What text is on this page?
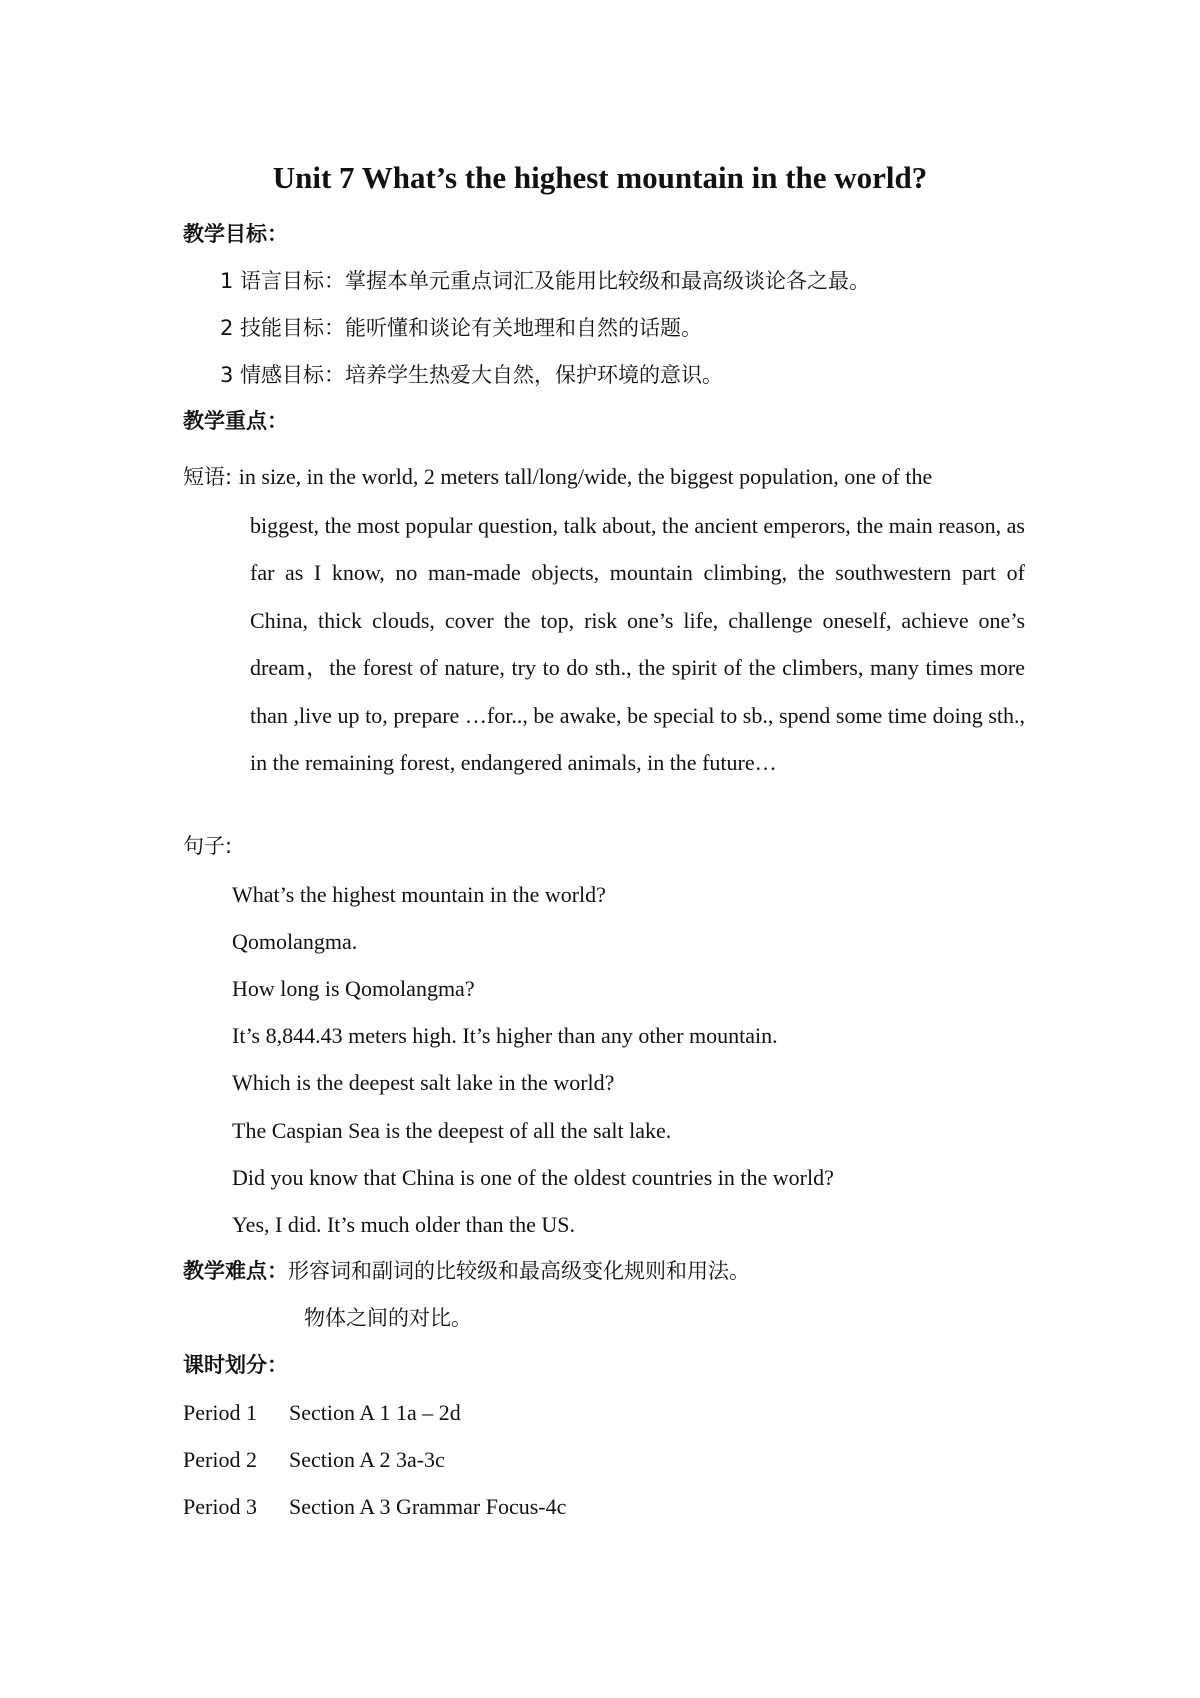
Unit 7 What’s the highest mountain in the world?

教学目标：

1 语言目标：掌握本单元重点词汇及能用比较级和最高级谈论各之最。

2 技能目标：能听懂和谈论有关地理和自然的话题。

3 情感目标：培养学生热爱大自然，保护环境的意识。

教学重点：

短语: in size, in the world, 2 meters tall/long/wide, the biggest population, one of the

biggest, the most popular question, talk about, the ancient emperors, the main reason, as far as I know, no man-made objects, mountain climbing, the southwestern part of China, thick clouds, cover the top, risk one’s life, challenge oneself, achieve one’s dream，the forest of nature, try to do sth., the spirit of the climbers, many times more than ,live up to, prepare …for.., be awake, be special to sb., spend some time doing sth., in the remaining forest, endangered animals, in the future…

句子:

What’s the highest mountain in the world?

Qomolangma.

How long is Qomolangma?

It’s 8,844.43 meters high. It’s higher than any other mountain.

Which is the deepest salt lake in the world?

The Caspian Sea is the deepest of all the salt lake.

Did you know that China is one of the oldest countries in the world?

Yes, I did. It’s much older than the US.

教学难点：形容词和副词的比较级和最高级变化规则和用法。

物体之间的对比。

课时划分：

Period 1 Section A 1 1a – 2d

Period 2 Section A 2 3a-3c

Period 3 Section A 3 Grammar Focus-4c
